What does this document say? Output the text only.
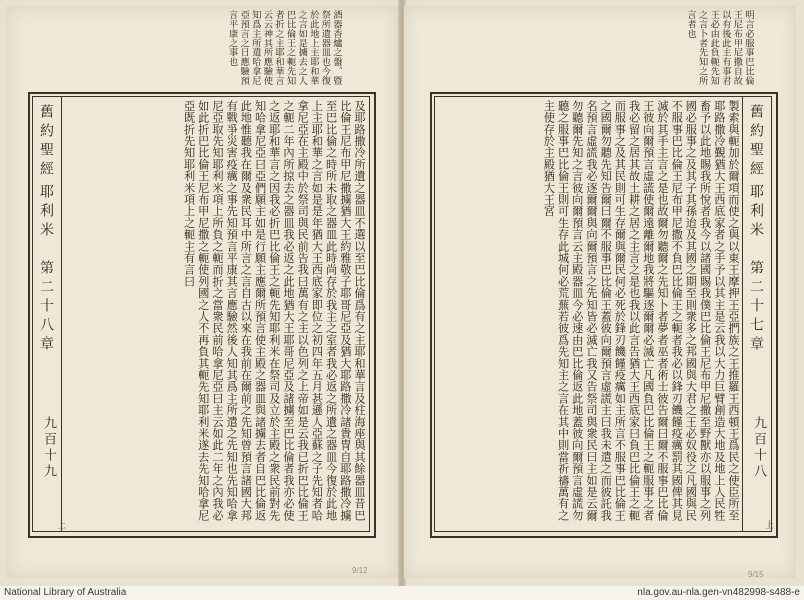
舊約聖經
耶利米
第二十八章
九百十九
上
及耶路撒冷所遺之器皿不選以至巴比倫爲有之主耶和華言及柱海座與其餘器皿昔巴比倫王尼布甲尼撒擄猶大王約雅敬子耶哥尼亞及猶大耶路撒冷諸貴冑自耶路撒冷擄至巴比倫之時所未取之器皿此時尚存於我主之室者我必返之所遺之器皿今復於此地上主耶和華之言如是是年猶大王西底家即位之初四年五月甚遜人亞蘇之子先知者哈拿尼亞在主殿中於祭司與民前告我曰萬有之主以色列之上帝如是云我已折巴比倫王之軛二年內所掠去之器皿我必返之此地猶大王耶哥尼亞及諸擄至巴比倫者我亦必使之返耶和華言之因我必折巴比倫王之軛先知耶利米在祭司及立於主殿之衆民前對先知哈拿尼亞曰亞們願主如是行願主應爾所預言使主殿之器皿與諸擄去者自巴比倫返此地惟聽我在爾及衆民耳中所言之言自古以來在我前在爾前之先知曾預言諸國大邦有戰爭災害疫癘之事先知預言平康其言應驗然後人知其爲主所遣之先知也先知哈拿尼亞取先知耶利米項上所負之軛而折之當衆民前哈拿尼亞曰主云如此二年之內我必如此折巴比倫王尼布甲尼撒之軛使列國之人不再負其軛先知耶利米遂去先知哈拿尼亞既折先知耶利米項上之軛主有言曰
酒器香爐之盤、暨祭所遺器皿也今復於此地上主耶和華之言如是擄去之人巴比倫王之軛先知者折之主耶和華言云云神其所應驗使知爲主所遣哈拿尼亞預言之日應驗預言平康之事也
舊約聖經
耶利米
第二十七章
九百十八
上
製索與軛加於爾項而使之與以東王摩押王亞捫族之王推羅王西頓王爲民之使臣所至耶路撒冷覲猶大王西底家者之手予以其主是云我以大力巨臂創造大地及地上人民牲畜予以此地賜我所悅者我今以諸國賜我僕巴比倫王尼布甲尼撒至野獸亦以服事之列國必服事之及其子其孫迨及其國之期至則衆多之邦國與大君之王必奴役之凡國與民不服事巴比倫王尼布甲尼撒不負巴比倫王之軛者我必以鋒刃饑饉疫癘罰其國俾其見滅於其手主言之是也故爾勿聽爾之先知卜者夢者巫者術士彼告爾曰爾不服事巴比倫王彼向爾預言虛謊使爾遠離爾地我將驅逐爾爾必滅亡凡國負巴比倫王之軛服事之者我必留之居其故土耕之居之主言之是也我以此言告猶大王西底家曰負巴比倫王之軛而服事之及其民則可生存爾與爾民何必死於鋒刃饑饉疫癘如主所言不服事巴比倫王之國爾勿聽先知告爾曰爾不服事巴比倫王蓋彼向爾預言虛謊主曰我未遣之而彼託我名預言虛謊我必逐爾爾與向爾預言之先知皆必滅亡我又告祭司與衆民曰主如是云爾勿聽爾先知之言彼向爾預言云主殿器皿今必速由巴比倫返此地蓋彼向爾預言虛謊勿聽之服事巴比倫王則可生存此城何必荒蕪若彼爲先知主之言在其中則當祈禱萬有之主使存於主殿猶大王宮
明言必服事巴比倫王尼布甲尼撒自故以有後此主有事君王必由此負軛先知之言卜者先知之所言者也
9/12	9/15
National Library of Australia	nla.gov.au-nla.gen-vn482998-s488-e
